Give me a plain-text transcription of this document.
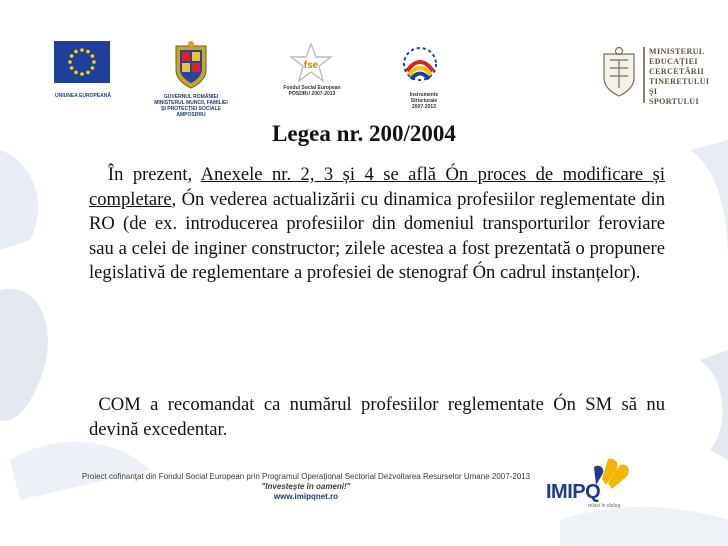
UNIUNEA EUROPEANĂ	GUVERNUL ROMÂNIEI
MINISTERUL MUNCII, FAMILIEI
ŞI PROTECŢIEI SOCIALE
AMPOSDRU
fse
Fondul Social European
POSDRU 2007-2013	Instrumente Structurale
2007-2013
MINISTERUL
EDUCAŢIEI
CERCETĂRII
TINERETULUI
ŞI SPORTULUI
Legea nr. 200/2004
În prezent, Anexele nr. 2, 3 și 4 se află Ón proces de modificare și completare, Ón vederea actualizării cu dinamica profesiilor reglementate din RO (de ex. introducerea profesiilor din domeniul transporturilor feroviare sau a celei de inginer constructor; zilele acestea a fost prezentată o propunere legislativă de reglementare a profesiei de stenograf Ón cadrul instanțelor).
COM a recomandat ca numărul profesiilor reglementate Ón SM să nu devină excedentar.
Proiect cofinanţat din Fondul Social European prin Programul Operaţional Sectorial Dezvoltarea Resurselor Umane 2007-2013
"Investeşte în oameni!"
www.imipqnet.ro	IMIPQ
relaxi în dialog
